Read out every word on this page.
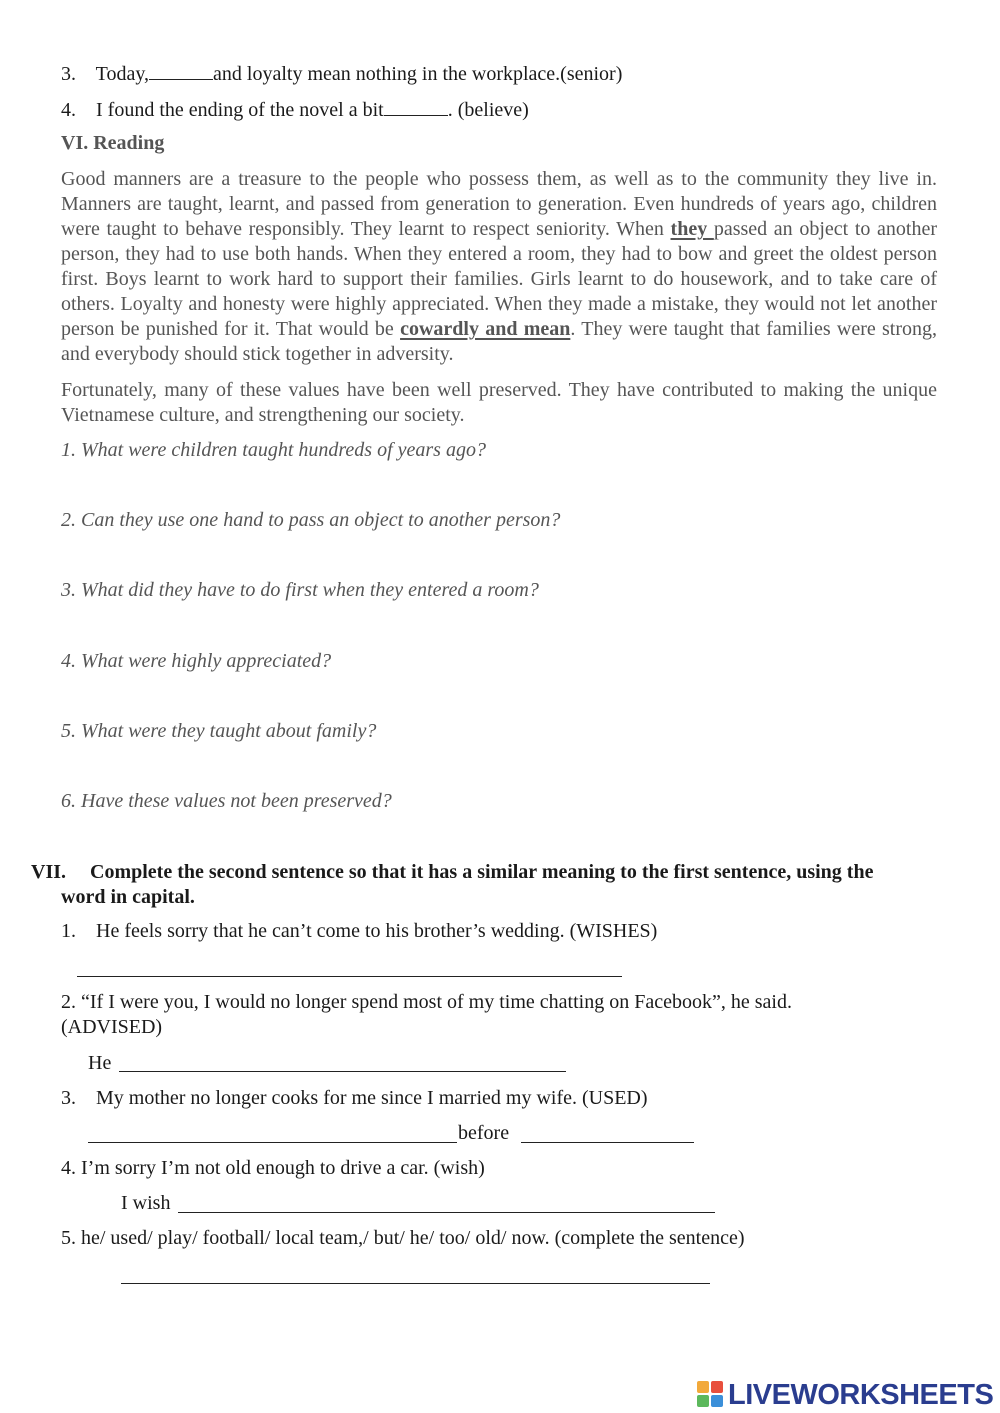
3. Today,	and loyalty mean nothing in the workplace.(senior)
4. I found the ending of the novel a bit	. (believe)
VI. Reading
Good manners are a treasure to the people who possess them, as well as to the community they live in. Manners are taught, learnt, and passed from generation to generation. Even hundreds of years ago, children were taught to behave responsibly. They learnt to respect seniority. When they passed an object to another person, they had to use both hands. When they entered a room, they had to bow and greet the oldest person first. Boys learnt to work hard to support their families. Girls learnt to do housework, and to take care of others. Loyalty and honesty were highly appreciated. When they made a mistake, they would not let another person be punished for it. That would be cowardly and mean. They were taught that families were strong, and everybody should stick together in adversity.
Fortunately, many of these values have been well preserved. They have contributed to making the unique Vietnamese culture, and strengthening our society.
1. What were children taught hundreds of years ago?
2. Can they use one hand to pass an object to another person?
3. What did they have to do first when they entered a room?
4. What were highly appreciated?
5. What were they taught about family?
6. Have these values not been preserved?
VII. Complete the second sentence so that it has a similar meaning to the first sentence, using the
word in capital.
1. He feels sorry that he can’t come to his brother’s wedding. (WISHES)
2. “If I were you, I would no longer spend most of my time chatting on Facebook”, he said.
(ADVISED)
He
3. My mother no longer cooks for me since I married my wife. (USED)
before
4. I’m sorry I’m not old enough to drive a car. (wish)
I wish
5. he/ used/ play/ football/ local team,/ but/ he/ too/ old/ now. (complete the sentence)
LIVEWORKSHEETS
